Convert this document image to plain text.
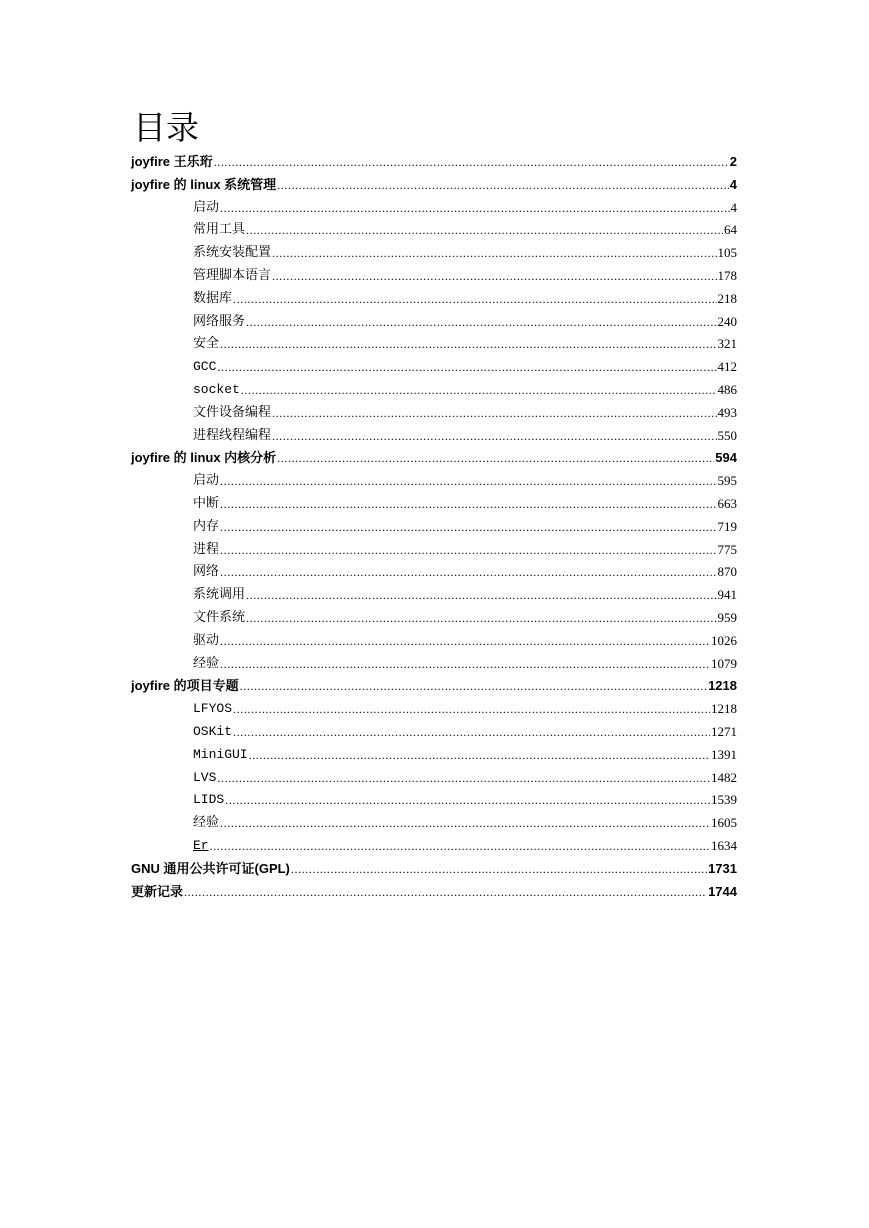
目录
joyfire 王乐珩 .....	2
joyfire 的 linux 系统管理 .....	4
启动 .....	4
常用工具 .....	64
系统安装配置 .....	105
管理脚本语言 .....	178
数据库 .....	218
网络服务 .....	240
安全 .....	321
GCC .....	412
socket .....	486
文件设备编程 .....	493
进程线程编程 .....	550
joyfire 的 linux 内核分析 .....	594
启动 .....	595
中断 .....	663
内存 .....	719
进程 .....	775
网络 .....	870
系统调用 .....	941
文件系统 .....	959
驱动 .....	1026
经验 .....	1079
joyfire 的项目专题 .....	1218
LFYOS .....	1218
OSKit .....	1271
MiniGUI .....	1391
LVS .....	1482
LIDS .....	1539
经验 .....	1605
Er .....	1634
GNU 通用公共许可证(GPL) .....	1731
更新记录 .....	1744
